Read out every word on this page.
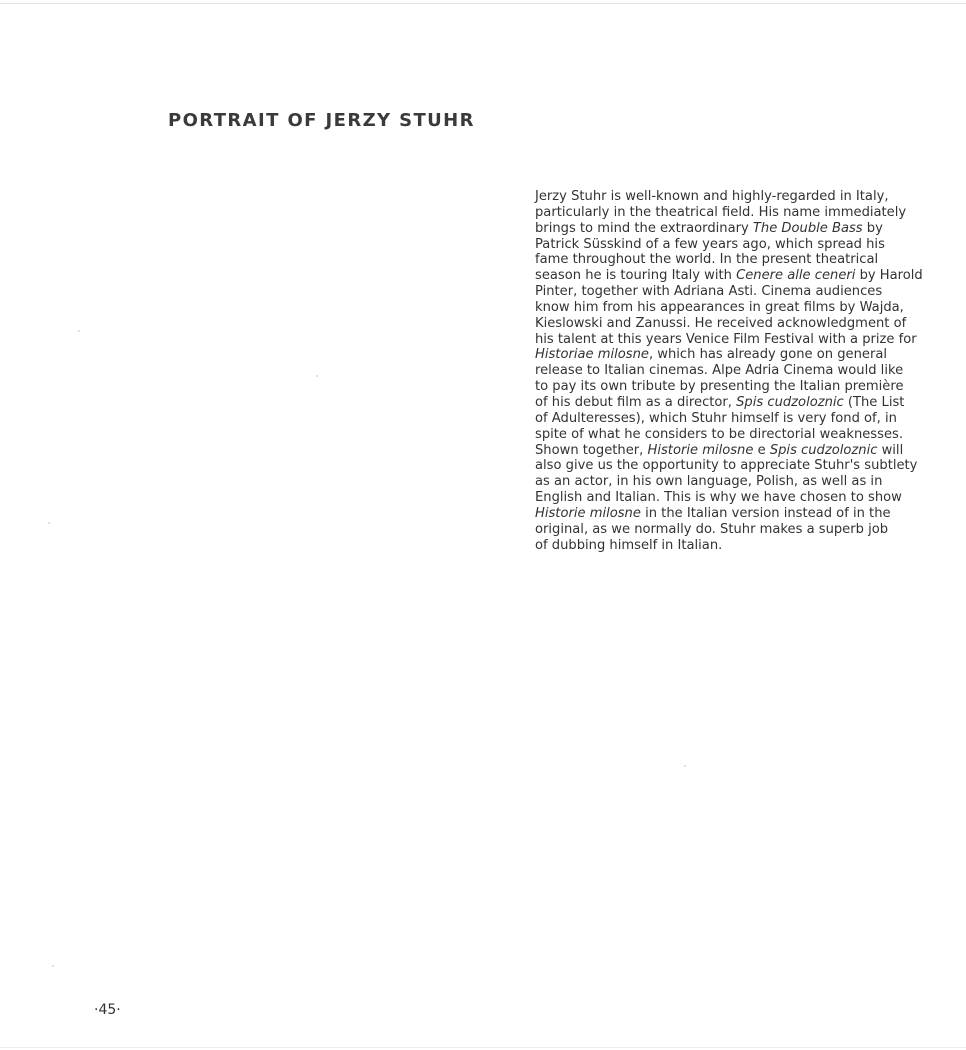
PORTRAIT OF JERZY STUHR
Jerzy Stuhr is well-known and highly-regarded in Italy,
particularly in the theatrical field. His name immediately
brings to mind the extraordinary The Double Bass by
Patrick Süsskind of a few years ago, which spread his
fame throughout the world. In the present theatrical
season he is touring Italy with Cenere alle ceneri by Harold
Pinter, together with Adriana Asti. Cinema audiences
know him from his appearances in great films by Wajda,
Kieslowski and Zanussi. He received acknowledgment of
his talent at this years Venice Film Festival with a prize for
Historiae milosne, which has already gone on general
release to Italian cinemas. Alpe Adria Cinema would like
to pay its own tribute by presenting the Italian première
of his debut film as a director, Spis cudzoloznic (The List
of Adulteresses), which Stuhr himself is very fond of, in
spite of what he considers to be directorial weaknesses.
Shown together, Historie milosne e Spis cudzoloznic will
also give us the opportunity to appreciate Stuhr's subtlety
as an actor, in his own language, Polish, as well as in
English and Italian. This is why we have chosen to show
Historie milosne in the Italian version instead of in the
original, as we normally do. Stuhr makes a superb job
of dubbing himself in Italian.
·45·
